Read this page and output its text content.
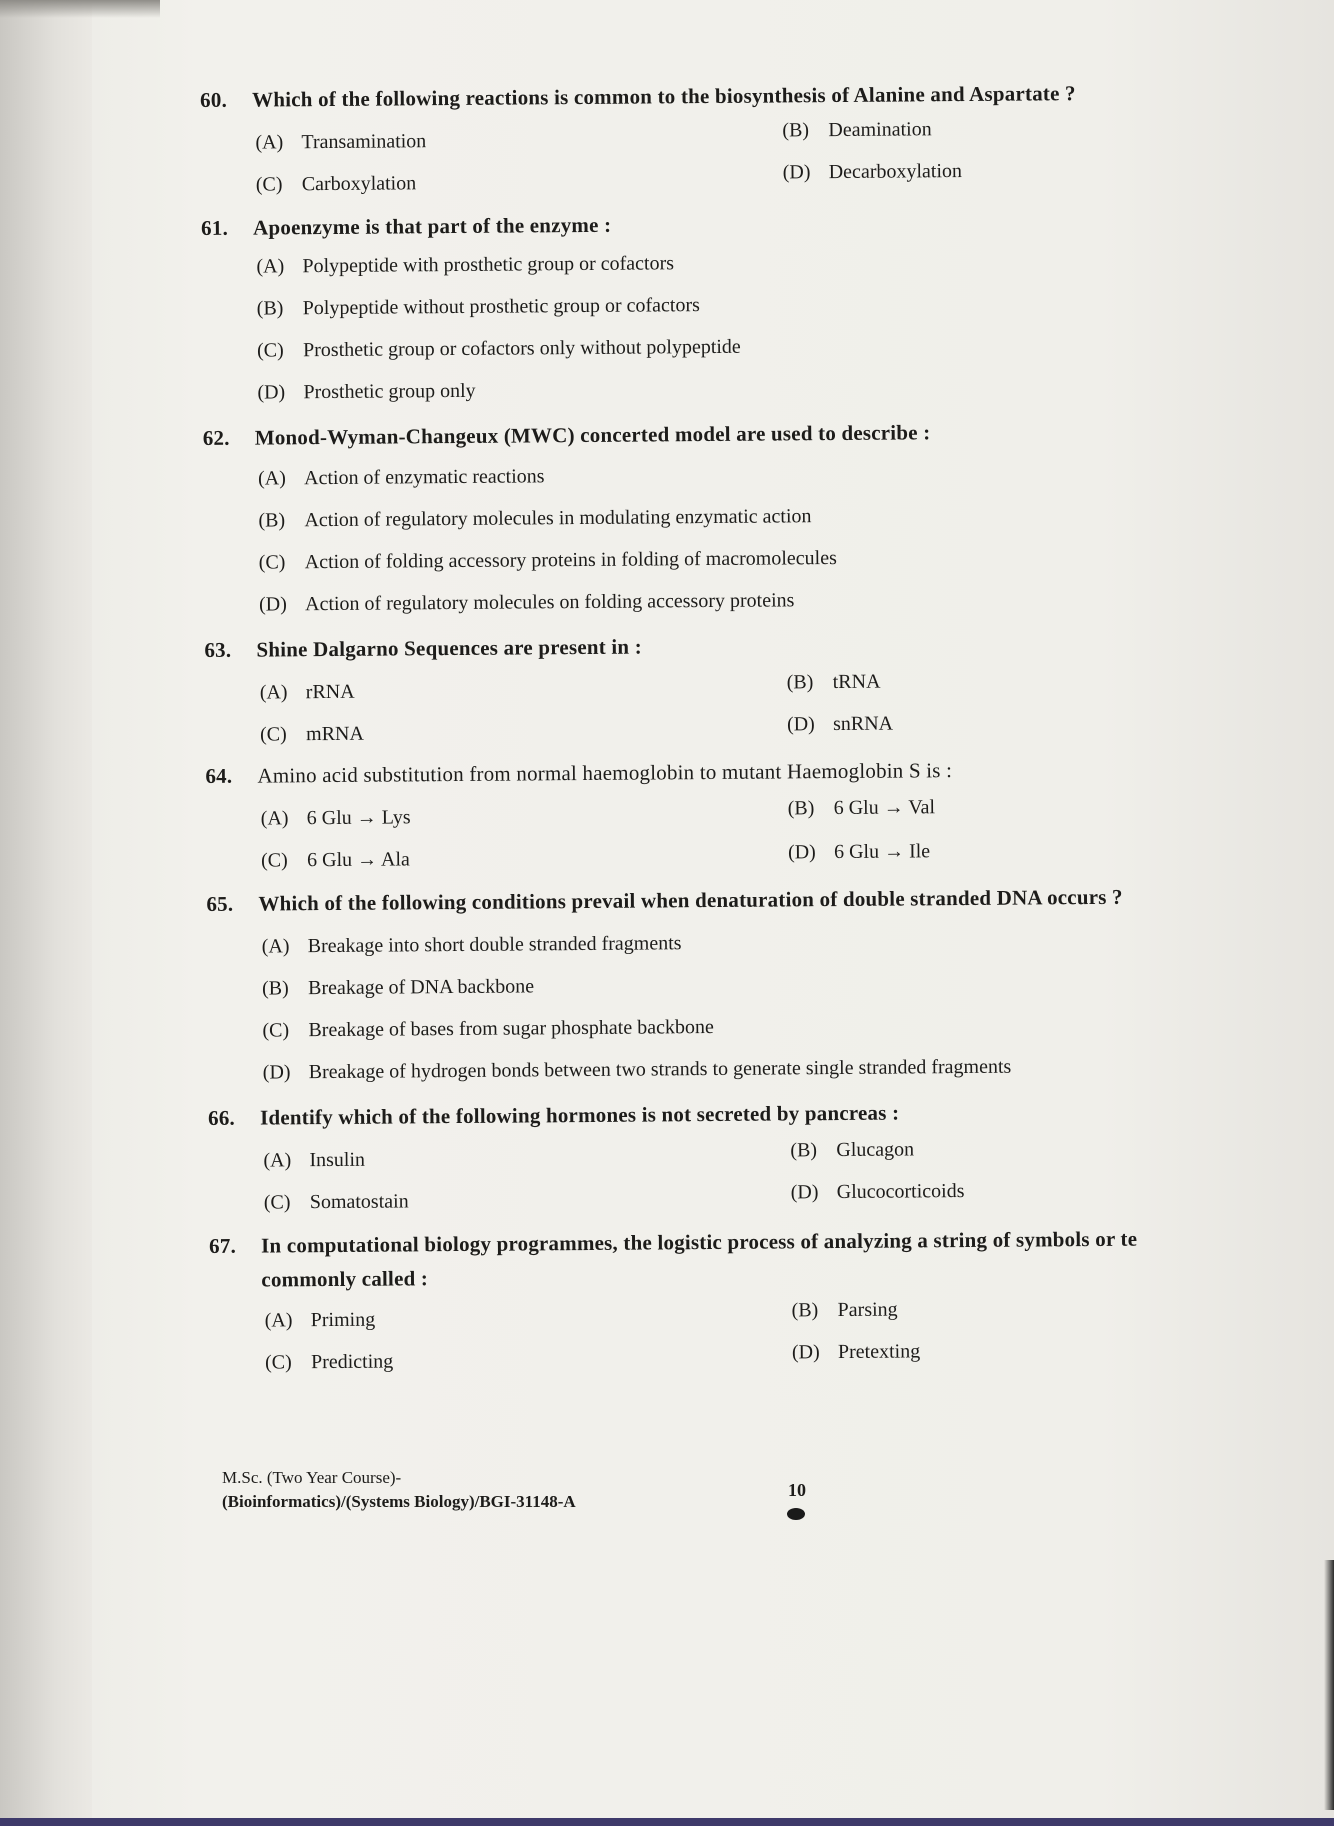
60.	Which of the following reactions is common to the biosynthesis of Alanine and Aspartate ?
(A) Transamination	(B) Deamination
(C) Carboxylation	(D) Decarboxylation
61.	Apoenzyme is that part of the enzyme :
(A) Polypeptide with prosthetic group or cofactors
(B) Polypeptide without prosthetic group or cofactors
(C) Prosthetic group or cofactors only without polypeptide
(D) Prosthetic group only
62.	Monod-Wyman-Changeux (MWC) concerted model are used to describe :
(A) Action of enzymatic reactions
(B) Action of regulatory molecules in modulating enzymatic action
(C) Action of folding accessory proteins in folding of macromolecules
(D) Action of regulatory molecules on folding accessory proteins
63.	Shine Dalgarno Sequences are present in :
(A) rRNA	(B) tRNA
(C) mRNA	(D) snRNA
64.	Amino acid substitution from normal haemoglobin to mutant Haemoglobin S is :
(A) 6 Glu → Lys	(B) 6 Glu → Val
(C) 6 Glu → Ala	(D) 6 Glu → Ile
65.	Which of the following conditions prevail when denaturation of double stranded DNA occurs ?
(A) Breakage into short double stranded fragments
(B) Breakage of DNA backbone
(C) Breakage of bases from sugar phosphate backbone
(D) Breakage of hydrogen bonds between two strands to generate single stranded fragments
66.	Identify which of the following hormones is not secreted by pancreas :
(A) Insulin	(B) Glucagon
(C) Somatostain	(D) Glucocorticoids
67.	In computational biology programmes, the logistic process of analyzing a string of symbols or te
commonly called :
(A) Priming	(B) Parsing
(C) Predicting	(D) Pretexting
M.Sc. (Two Year Course)-
(Bioinformatics)/(Systems Biology)/BGI-31148-A
10
